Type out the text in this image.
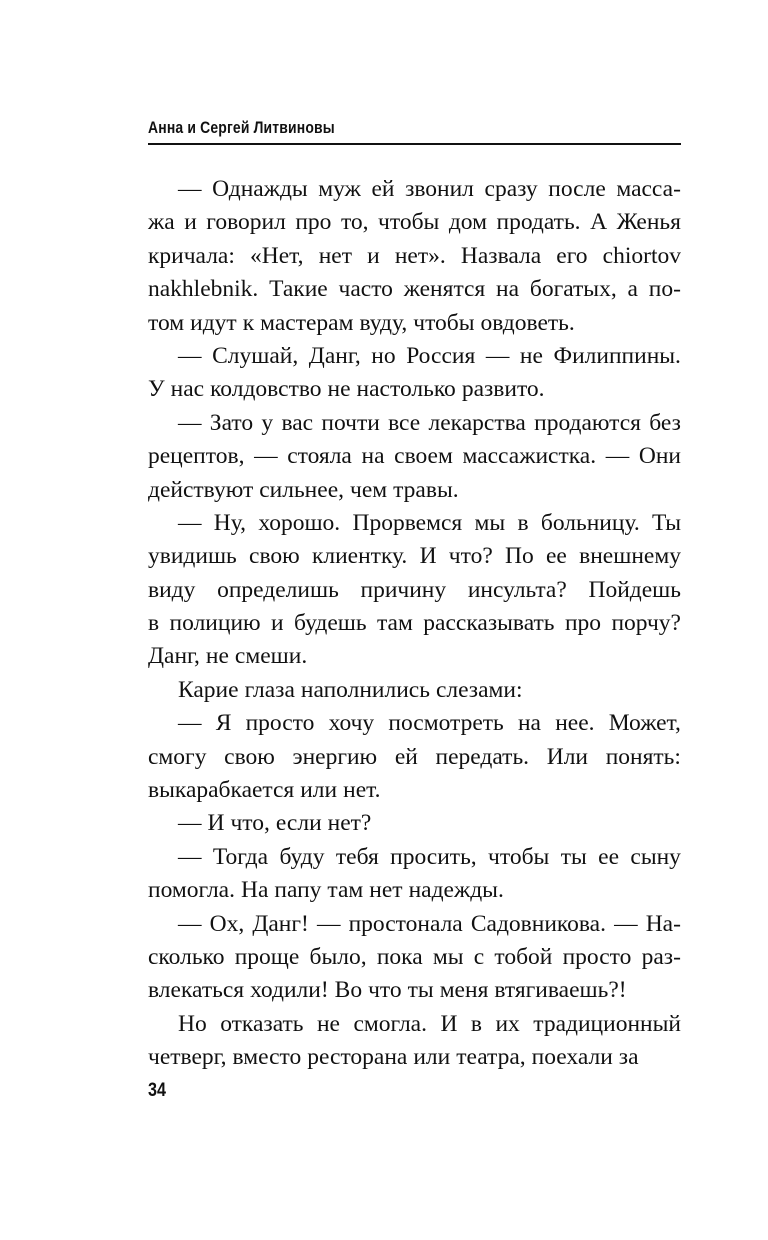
Анна и Сергей Литвиновы
— Однажды муж ей звонил сразу после масса-
жа и говорил про то, чтобы дом продать. А Женья
кричала: «Нет, нет и нет». Назвала его chiortov
nakhlebnik. Такие часто женятся на богатых, а по-
том идут к мастерам вуду, чтобы овдоветь.
— Слушай, Данг, но Россия — не Филиппины.
У нас колдовство не настолько развито.
— Зато у вас почти все лекарства продаются без
рецептов, — стояла на своем массажистка. — Они
действуют сильнее, чем травы.
— Ну, хорошо. Прорвемся мы в больницу. Ты
увидишь свою клиентку. И что? По ее внешнему
виду определишь причину инсульта? Пойдешь
в полицию и будешь там рассказывать про порчу?
Данг, не смеши.
Карие глаза наполнились слезами:
— Я просто хочу посмотреть на нее. Может,
смогу свою энергию ей передать. Или понять:
выкарабкается или нет.
— И что, если нет?
— Тогда буду тебя просить, чтобы ты ее сыну
помогла. На папу там нет надежды.
— Ох, Данг! — простонала Садовникова. — На-
сколько проще было, пока мы с тобой просто раз-
влекаться ходили! Во что ты меня втягиваешь?!
Но отказать не смогла. И в их традиционный
четверг, вместо ресторана или театра, поехали за
34
